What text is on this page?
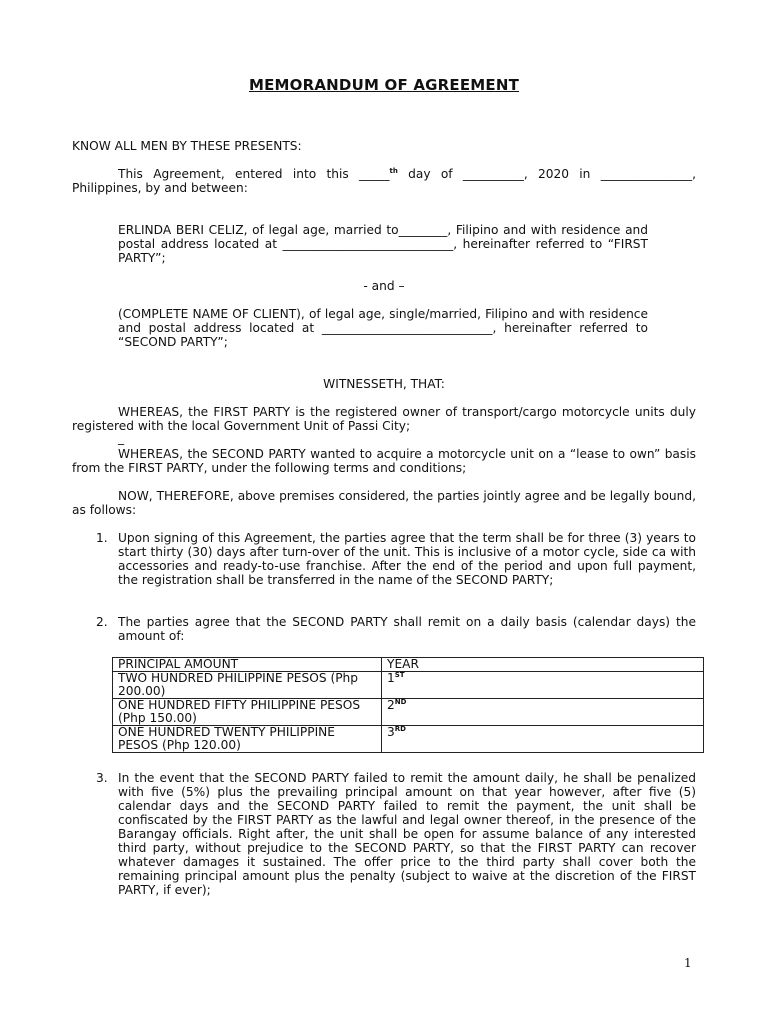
MEMORANDUM OF AGREEMENT

KNOW ALL MEN BY THESE PRESENTS:

This Agreement, entered into this _____$^{th}$ day of __________, 2020 in _______________, Philippines, by and between:

ERLINDA BERI CELIZ, of legal age, married to________, Filipino and with residence and postal address located at ____________________________, hereinafter referred to “FIRST PARTY”;

- and –

(COMPLETE NAME OF CLIENT), of legal age, single/married, Filipino and with residence and postal address located at ____________________________, hereinafter referred to “SECOND PARTY”;

WITNESSETH, THAT:

WHEREAS, the FIRST PARTY is the registered owner of transport/cargo motorcycle units duly registered with the local Government Unit of Passi City;

_

WHEREAS, the SECOND PARTY wanted to acquire a motorcycle unit on a “lease to own” basis from the FIRST PARTY, under the following terms and conditions;

NOW, THEREFORE, above premises considered, the parties jointly agree and be legally bound, as follows:

1. Upon signing of this Agreement, the parties agree that the term shall be for three (3) years to start thirty (30) days after turn-over of the unit. This is inclusive of a motor cycle, side ca with accessories and ready-to-use franchise. After the end of the period and upon full payment, the registration shall be transferred in the name of the SECOND PARTY;

2. The parties agree that the SECOND PARTY shall remit on a daily basis (calendar days) the amount of:

PRINCIPAL AMOUNT	YEAR
TWO HUNDRED PHILIPPINE PESOS (Php 200.00)	1ST
ONE HUNDRED FIFTY PHILIPPINE PESOS (Php 150.00)	2ND
ONE HUNDRED TWENTY PHILIPPINE PESOS (Php 120.00)	3RD

3. In the event that the SECOND PARTY failed to remit the amount daily, he shall be penalized with five (5%) plus the prevailing principal amount on that year however, after five (5) calendar days and the SECOND PARTY failed to remit the payment, the unit shall be confiscated by the FIRST PARTY as the lawful and legal owner thereof, in the presence of the Barangay officials. Right after, the unit shall be open for assume balance of any interested third party, without prejudice to the SECOND PARTY, so that the FIRST PARTY can recover whatever damages it sustained. The offer price to the third party shall cover both the remaining principal amount plus the penalty (subject to waive at the discretion of the FIRST PARTY, if ever);

1
